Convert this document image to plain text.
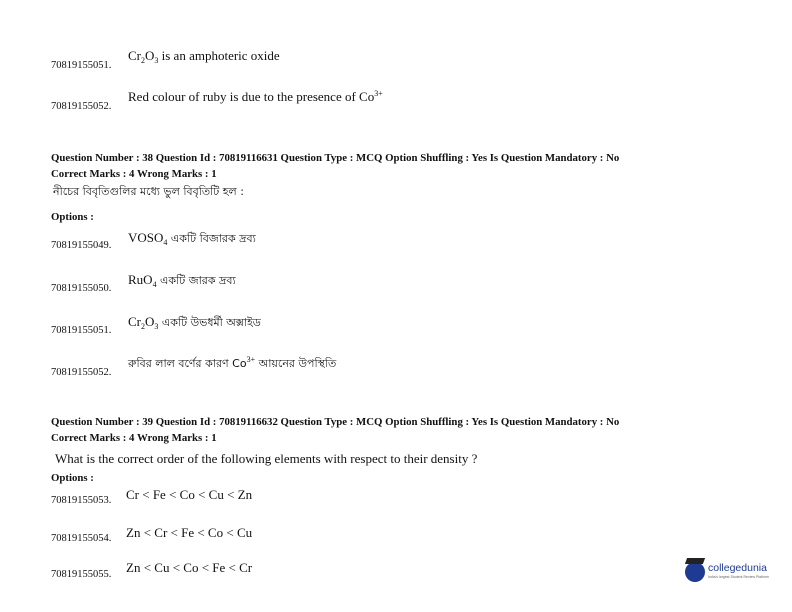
70819155051.
$Cr_2O_3$ is an amphoteric oxide
70819155052.
Red colour of ruby is due to the presence of $Co^{3+}$
Question Number : 38 Question Id : 70819116631 Question Type : MCQ Option Shuffling : Yes Is Question Mandatory : No
Correct Marks : 4 Wrong Marks : 1
নীচের বিবৃতিগুলির মধ্যে ভুল বিবৃতিটি হল :
Options :
70819155049.
$VOSO_4$ একটি বিজারক দ্রব্য
70819155050.
RuO$_4$ একটি জারক দ্রব্য
70819155051.
$Cr_2O_3$ একটি উভধর্মী অক্সাইড
70819155052.
রুবির লাল বর্ণের কারণ $Co^{3+}$ আয়নের উপস্থিতি
Question Number : 39 Question Id : 70819116632 Question Type : MCQ Option Shuffling : Yes Is Question Mandatory : No
Correct Marks : 4 Wrong Marks : 1
What is the correct order of the following elements with respect to their density ?
Options :
70819155053. Cr < Fe < Co < Cu < Zn
70819155054. Zn < Cr < Fe < Co < Cu
70819155055. Zn < Cu < Co < Fe < Cr	collegedunia
India's largest Student Review Platform
